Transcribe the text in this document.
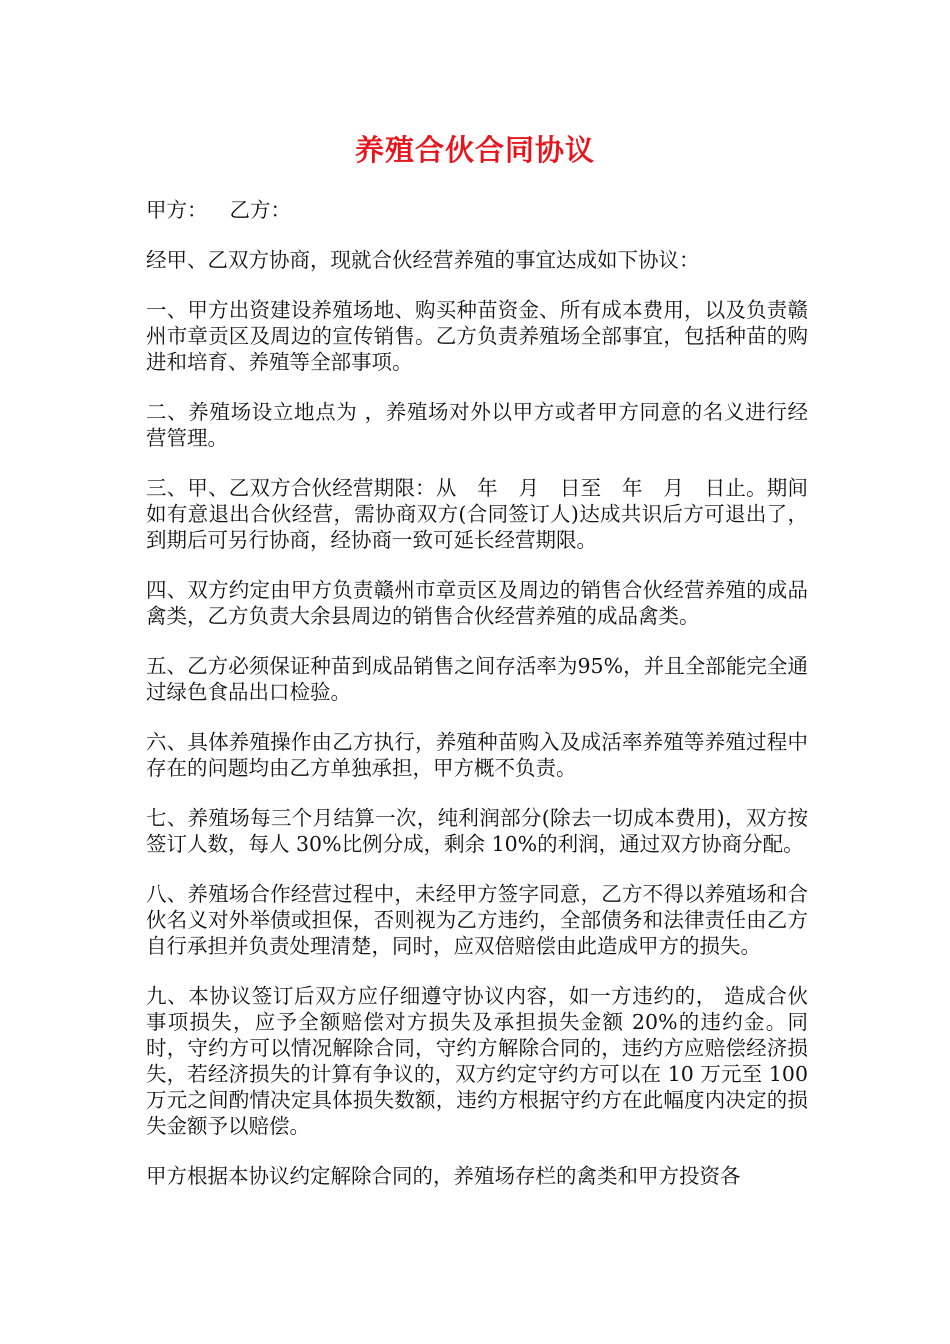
养殖合伙合同协议

甲方： 乙方：

经甲、乙双方协商，现就合伙经营养殖的事宜达成如下协议：

一、甲方出资建设养殖场地、购买种苗资金、所有成本费用，以及负责赣州市章贡区及周边的宣传销售。乙方负责养殖场全部事宜，包括种苗的购进和培育、养殖等全部事项。

二、养殖场设立地点为 ，养殖场对外以甲方或者甲方同意的名义进行经营管理。

三、甲、乙双方合伙经营期限：从　年　月　日至　年　月　日止。期间如有意退出合伙经营，需协商双方(合同签订人)达成共识后方可退出了，到期后可另行协商，经协商一致可延长经营期限。

四、双方约定由甲方负责赣州市章贡区及周边的销售合伙经营养殖的成品禽类，乙方负责大余县周边的销售合伙经营养殖的成品禽类。

五、乙方必须保证种苗到成品销售之间存活率为95%，并且全部能完全通过绿色食品出口检验。

六、具体养殖操作由乙方执行，养殖种苗购入及成活率养殖等养殖过程中存在的问题均由乙方单独承担，甲方概不负责。

七、养殖场每三个月结算一次，纯利润部分(除去一切成本费用)，双方按签订人数，每人 30%比例分成，剩余 10%的利润，通过双方协商分配。

八、养殖场合作经营过程中，未经甲方签字同意，乙方不得以养殖场和合伙名义对外举债或担保，否则视为乙方违约，全部债务和法律责任由乙方自行承担并负责处理清楚，同时，应双倍赔偿由此造成甲方的损失。

九、本协议签订后双方应仔细遵守协议内容，如一方违约的， 造成合伙事项损失，应予全额赔偿对方损失及承担损失金额 20%的违约金。同时，守约方可以情况解除合同，守约方解除合同的，违约方应赔偿经济损失，若经济损失的计算有争议的，双方约定守约方可以在 10 万元至 100 万元之间酌情决定具体损失数额，违约方根据守约方在此幅度内决定的损失金额予以赔偿。

甲方根据本协议约定解除合同的，养殖场存栏的禽类和甲方投资各
